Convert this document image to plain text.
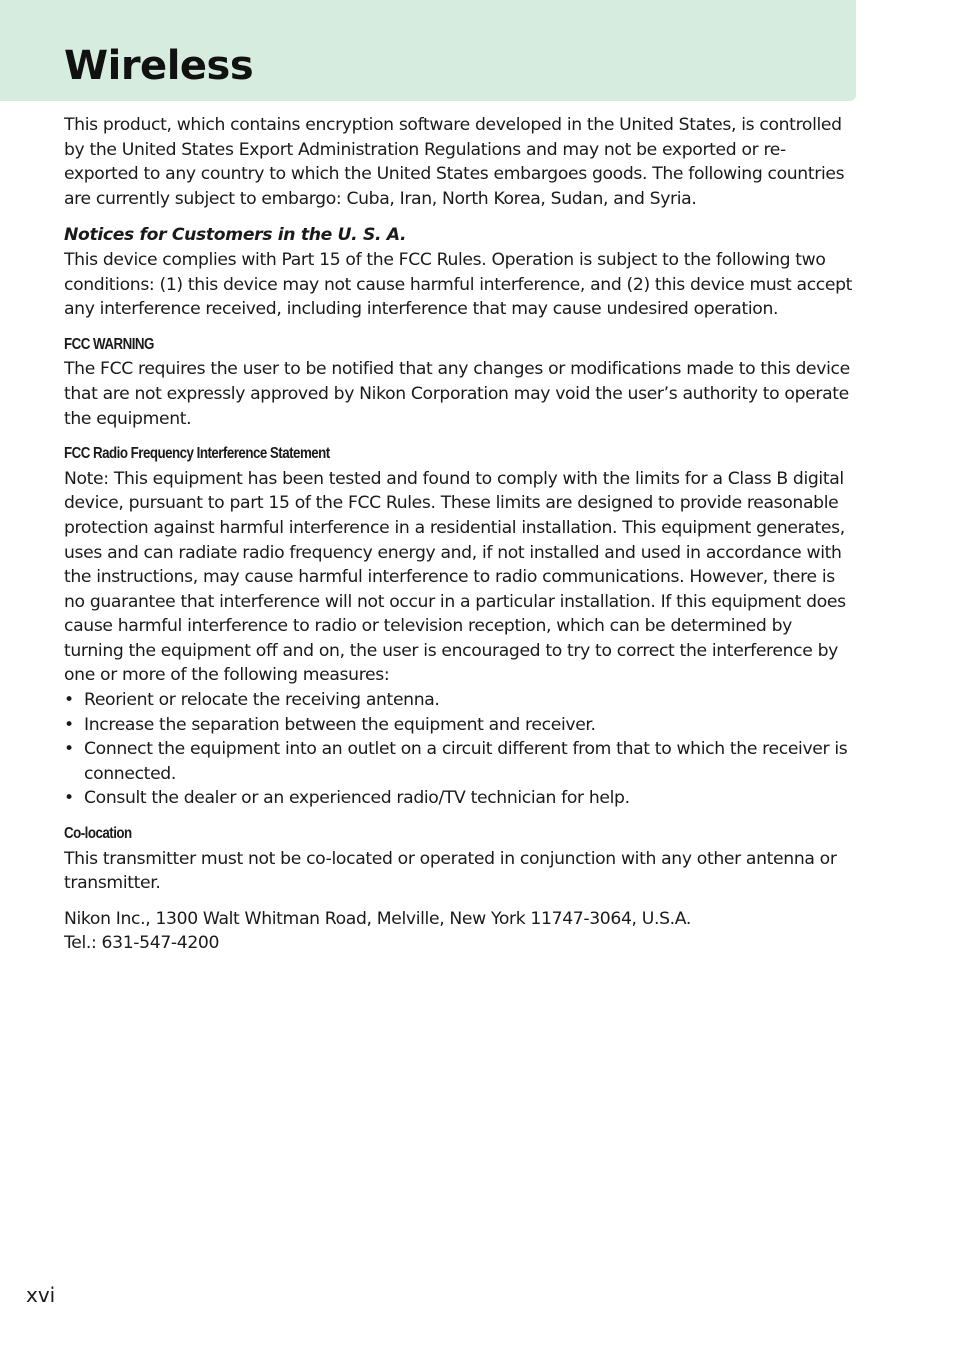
Wireless

This product, which contains encryption software developed in the United States, is controlled by the United States Export Administration Regulations and may not be exported or re-exported to any country to which the United States embargoes goods. The following countries are currently subject to embargo: Cuba, Iran, North Korea, Sudan, and Syria.

Notices for Customers in the U. S. A.

This device complies with Part 15 of the FCC Rules. Operation is subject to the following two conditions: (1) this device may not cause harmful interference, and (2) this device must accept any interference received, including interference that may cause undesired operation.

FCC WARNING

The FCC requires the user to be notified that any changes or modifications made to this device that are not expressly approved by Nikon Corporation may void the user’s authority to operate the equipment.

FCC Radio Frequency Interference Statement

Note: This equipment has been tested and found to comply with the limits for a Class B digital device, pursuant to part 15 of the FCC Rules. These limits are designed to provide reasonable protection against harmful interference in a residential installation. This equipment generates, uses and can radiate radio frequency energy and, if not installed and used in accordance with the instructions, may cause harmful interference to radio communications. However, there is no guarantee that interference will not occur in a particular installation. If this equipment does cause harmful interference to radio or television reception, which can be determined by turning the equipment off and on, the user is encouraged to try to correct the interference by one or more of the following measures:

• Reorient or relocate the receiving antenna.
• Increase the separation between the equipment and receiver.
• Connect the equipment into an outlet on a circuit different from that to which the receiver is connected.
• Consult the dealer or an experienced radio/TV technician for help.

Co-location

This transmitter must not be co-located or operated in conjunction with any other antenna or transmitter.

Nikon Inc., 1300 Walt Whitman Road, Melville, New York 11747-3064, U.S.A.

Tel.: 631-547-4200

xvi
